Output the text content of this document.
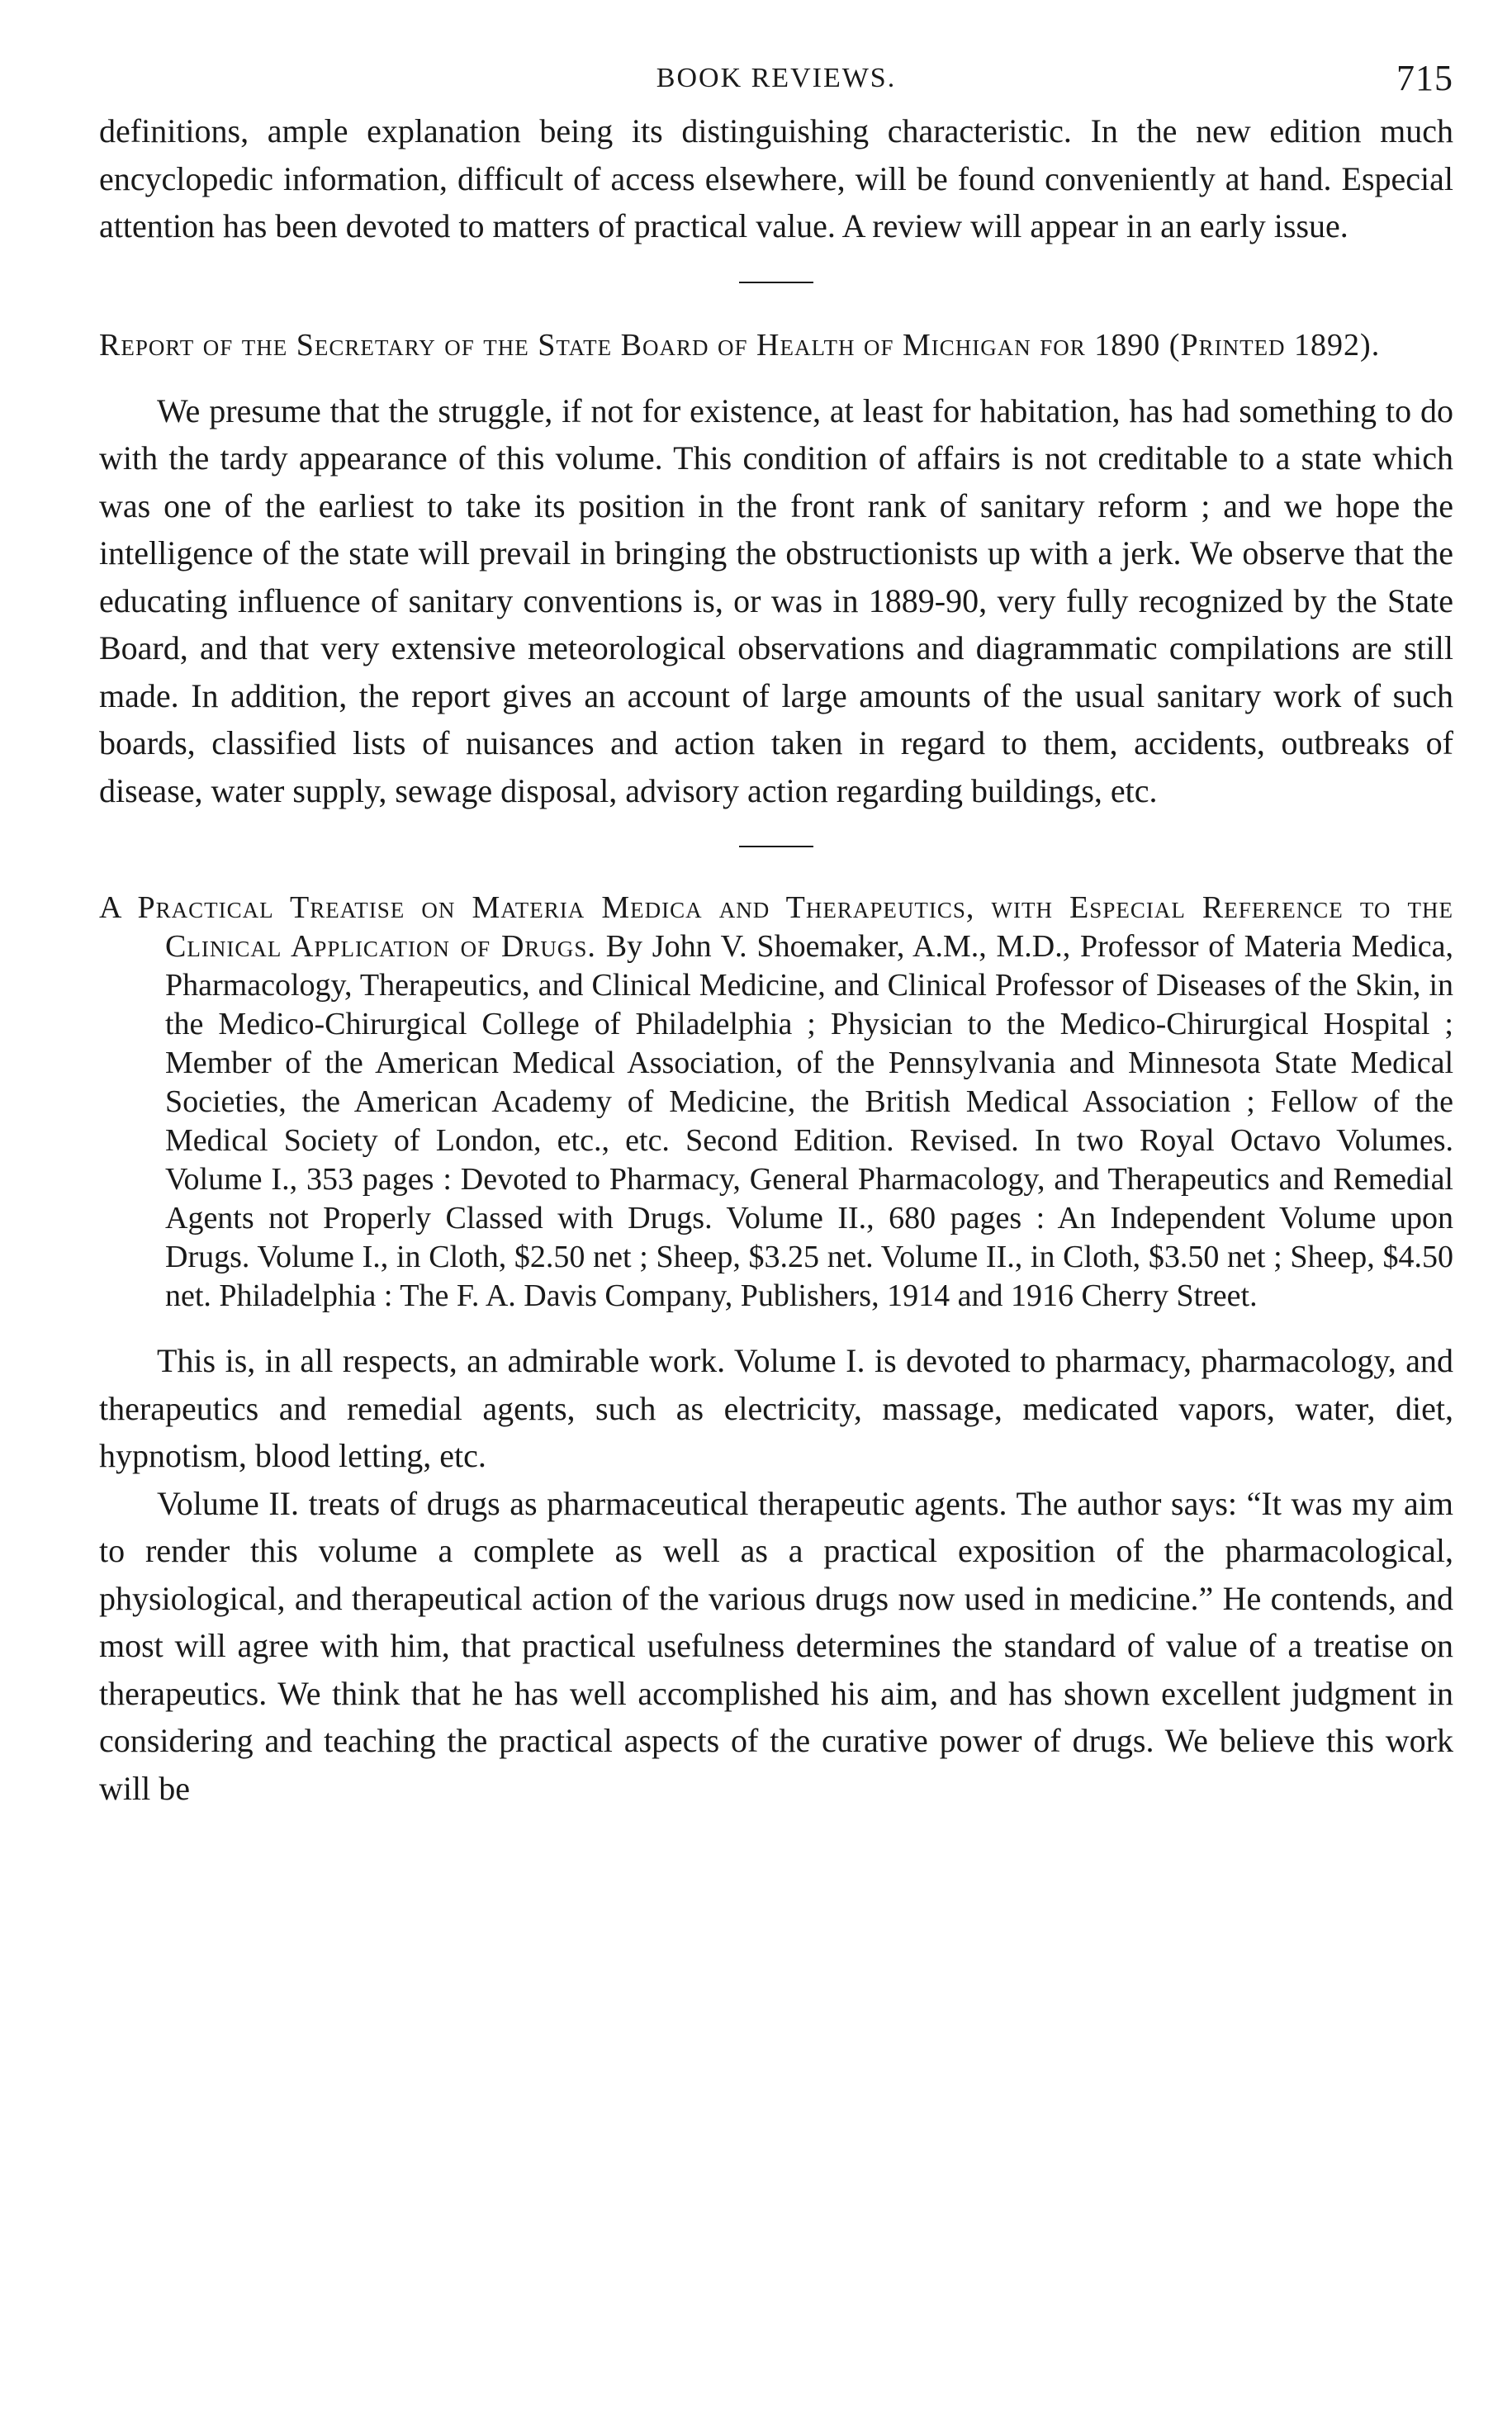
BOOK REVIEWS.	715

definitions, ample explanation being its distinguishing characteristic. In the new edition much encyclopedic information, difficult of access elsewhere, will be found conveniently at hand. Especial attention has been devoted to matters of practical value. A review will appear in an early issue.

Report of the Secretary of the State Board of Health of Michigan for 1890 (Printed 1892).

We presume that the struggle, if not for existence, at least for habitation, has had something to do with the tardy appearance of this volume. This condition of affairs is not creditable to a state which was one of the earliest to take its position in the front rank of sanitary reform ; and we hope the intelligence of the state will prevail in bringing the obstructionists up with a jerk. We observe that the educating influence of sanitary conventions is, or was in 1889-90, very fully recognized by the State Board, and that very extensive meteorological observations and diagrammatic compilations are still made. In addition, the report gives an account of large amounts of the usual sanitary work of such boards, classified lists of nuisances and action taken in regard to them, accidents, outbreaks of disease, water supply, sewage disposal, advisory action regarding buildings, etc.

A Practical Treatise on Materia Medica and Therapeutics, with Especial Reference to the Clinical Application of Drugs. By John V. Shoemaker, A.M., M.D., Professor of Materia Medica, Pharmacology, Therapeutics, and Clinical Medicine, and Clinical Professor of Diseases of the Skin, in the Medico-Chirurgical College of Philadelphia ; Physician to the Medico-Chirurgical Hospital ; Member of the American Medical Association, of the Pennsylvania and Minnesota State Medical Societies, the American Academy of Medicine, the British Medical Association ; Fellow of the Medical Society of London, etc., etc. Second Edition. Revised. In two Royal Octavo Volumes. Volume I., 353 pages : Devoted to Pharmacy, General Pharmacology, and Therapeutics and Remedial Agents not Properly Classed with Drugs. Volume II., 680 pages : An Independent Volume upon Drugs. Volume I., in Cloth, $2.50 net ; Sheep, $3.25 net. Volume II., in Cloth, $3.50 net ; Sheep, $4.50 net. Philadelphia : The F. A. Davis Company, Publishers, 1914 and 1916 Cherry Street.

This is, in all respects, an admirable work. Volume I. is devoted to pharmacy, pharmacology, and therapeutics and remedial agents, such as electricity, massage, medicated vapors, water, diet, hypnotism, blood letting, etc.

Volume II. treats of drugs as pharmaceutical therapeutic agents. The author says: “It was my aim to render this volume a complete as well as a practical exposition of the pharmacological, physiological, and therapeutical action of the various drugs now used in medicine.” He contends, and most will agree with him, that practical usefulness determines the standard of value of a treatise on therapeutics. We think that he has well accomplished his aim, and has shown excellent judgment in considering and teaching the practical aspects of the curative power of drugs. We believe this work will be
